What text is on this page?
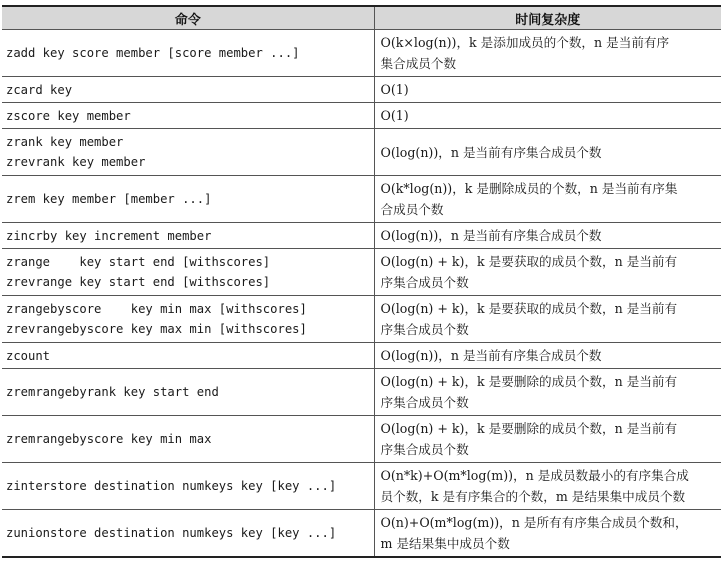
命令	时间复杂度

zadd key score member [score member ...]	O(k×log(n))，k 是添加成员的个数，n 是当前有序
集合成员个数

zcard key	O(1)

zscore key member	O(1)

zrank key member
zrevrank key member	O(log(n))，n 是当前有序集合成员个数

zrem key member [member ...]	O(k*log(n))，k 是删除成员的个数，n 是当前有序集
合成员个数

zincrby key increment member	O(log(n))，n 是当前有序集合成员个数

zrange    key start end [withscores]
zrevrange key start end [withscores]	O(log(n) + k)，k 是要获取的成员个数，n 是当前有
序集合成员个数

zrangebyscore    key min max [withscores]
zrevrangebyscore key max min [withscores]	O(log(n) + k)，k 是要获取的成员个数，n 是当前有
序集合成员个数

zcount	O(log(n))，n 是当前有序集合成员个数

zremrangebyrank key start end	O(log(n) + k)，k 是要删除的成员个数，n 是当前有
序集合成员个数

zremrangebyscore key min max	O(log(n) + k)，k 是要删除的成员个数，n 是当前有
序集合成员个数

zinterstore destination numkeys key [key ...]	O(n*k)+O(m*log(m))，n 是成员数最小的有序集合成
员个数，k 是有序集合的个数，m 是结果集中成员个数

zunionstore destination numkeys key [key ...]	O(n)+O(m*log(m))，n 是所有有序集合成员个数和，
m 是结果集中成员个数
